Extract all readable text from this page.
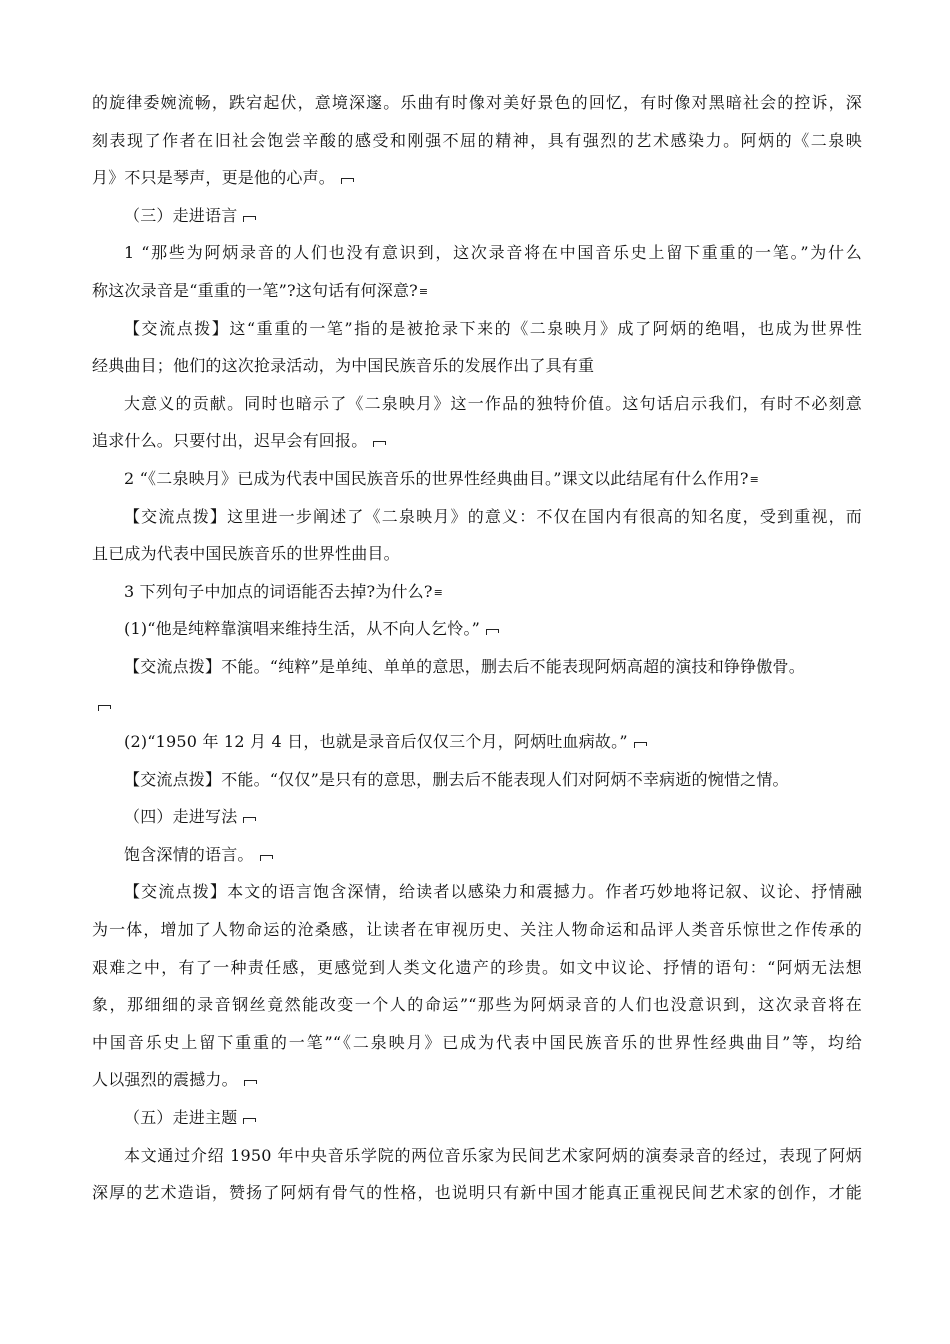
的旋律委婉流畅，跌宕起伏，意境深邃。乐曲有时像对美好景色的回忆，有时像对黑暗社会的控诉，深
刻表现了作者在旧社会饱尝辛酸的感受和刚强不屈的精神，具有强烈的艺术感染力。阿炳的《二泉映
月》不只是琴声，更是他的心声。
（三）走进语言
1 “那些为阿炳录音的人们也没有意识到，这次录音将在中国音乐史上留下重重的一笔。”为什么
称这次录音是“重重的一笔”?这句话有何深意?≡
【交流点拨】这“重重的一笔”指的是被抢录下来的《二泉映月》成了阿炳的绝唱，也成为世界性
经典曲目；他们的这次抢录活动，为中国民族音乐的发展作出了具有重
大意义的贡献。同时也暗示了《二泉映月》这一作品的独特价值。这句话启示我们，有时不必刻意
追求什么。只要付出，迟早会有回报。
2 “《二泉映月》已成为代表中国民族音乐的世界性经典曲目。”课文以此结尾有什么作用?≡
【交流点拨】这里进一步阐述了《二泉映月》的意义：不仅在国内有很高的知名度，受到重视，而
且已成为代表中国民族音乐的世界性曲目。
3 下列句子中加点的词语能否去掉?为什么?≡
(1)“他是纯粹靠演唱来维持生活，从不向人乞怜。”
【交流点拨】不能。“纯粹”是单纯、单单的意思，删去后不能表现阿炳高超的演技和铮铮傲骨。
(2)“1950 年 12 月 4 日，也就是录音后仅仅三个月，阿炳吐血病故。”
【交流点拨】不能。“仅仅”是只有的意思，删去后不能表现人们对阿炳不幸病逝的惋惜之情。
（四）走进写法
饱含深情的语言。
【交流点拨】本文的语言饱含深情，给读者以感染力和震撼力。作者巧妙地将记叙、议论、抒情融
为一体，增加了人物命运的沧桑感，让读者在审视历史、关注人物命运和品评人类音乐惊世之作传承的
艰难之中，有了一种责任感，更感觉到人类文化遗产的珍贵。如文中议论、抒情的语句：“阿炳无法想
象，那细细的录音钢丝竟然能改变一个人的命运”“那些为阿炳录音的人们也没意识到，这次录音将在
中国音乐史上留下重重的一笔”“《二泉映月》已成为代表中国民族音乐的世界性经典曲目”等，均给
人以强烈的震撼力。
（五）走进主题
本文通过介绍 1950 年中央音乐学院的两位音乐家为民间艺术家阿炳的演奏录音的经过，表现了阿炳
深厚的艺术造诣，赞扬了阿炳有骨气的性格，也说明只有新中国才能真正重视民间艺术家的创作，才能
